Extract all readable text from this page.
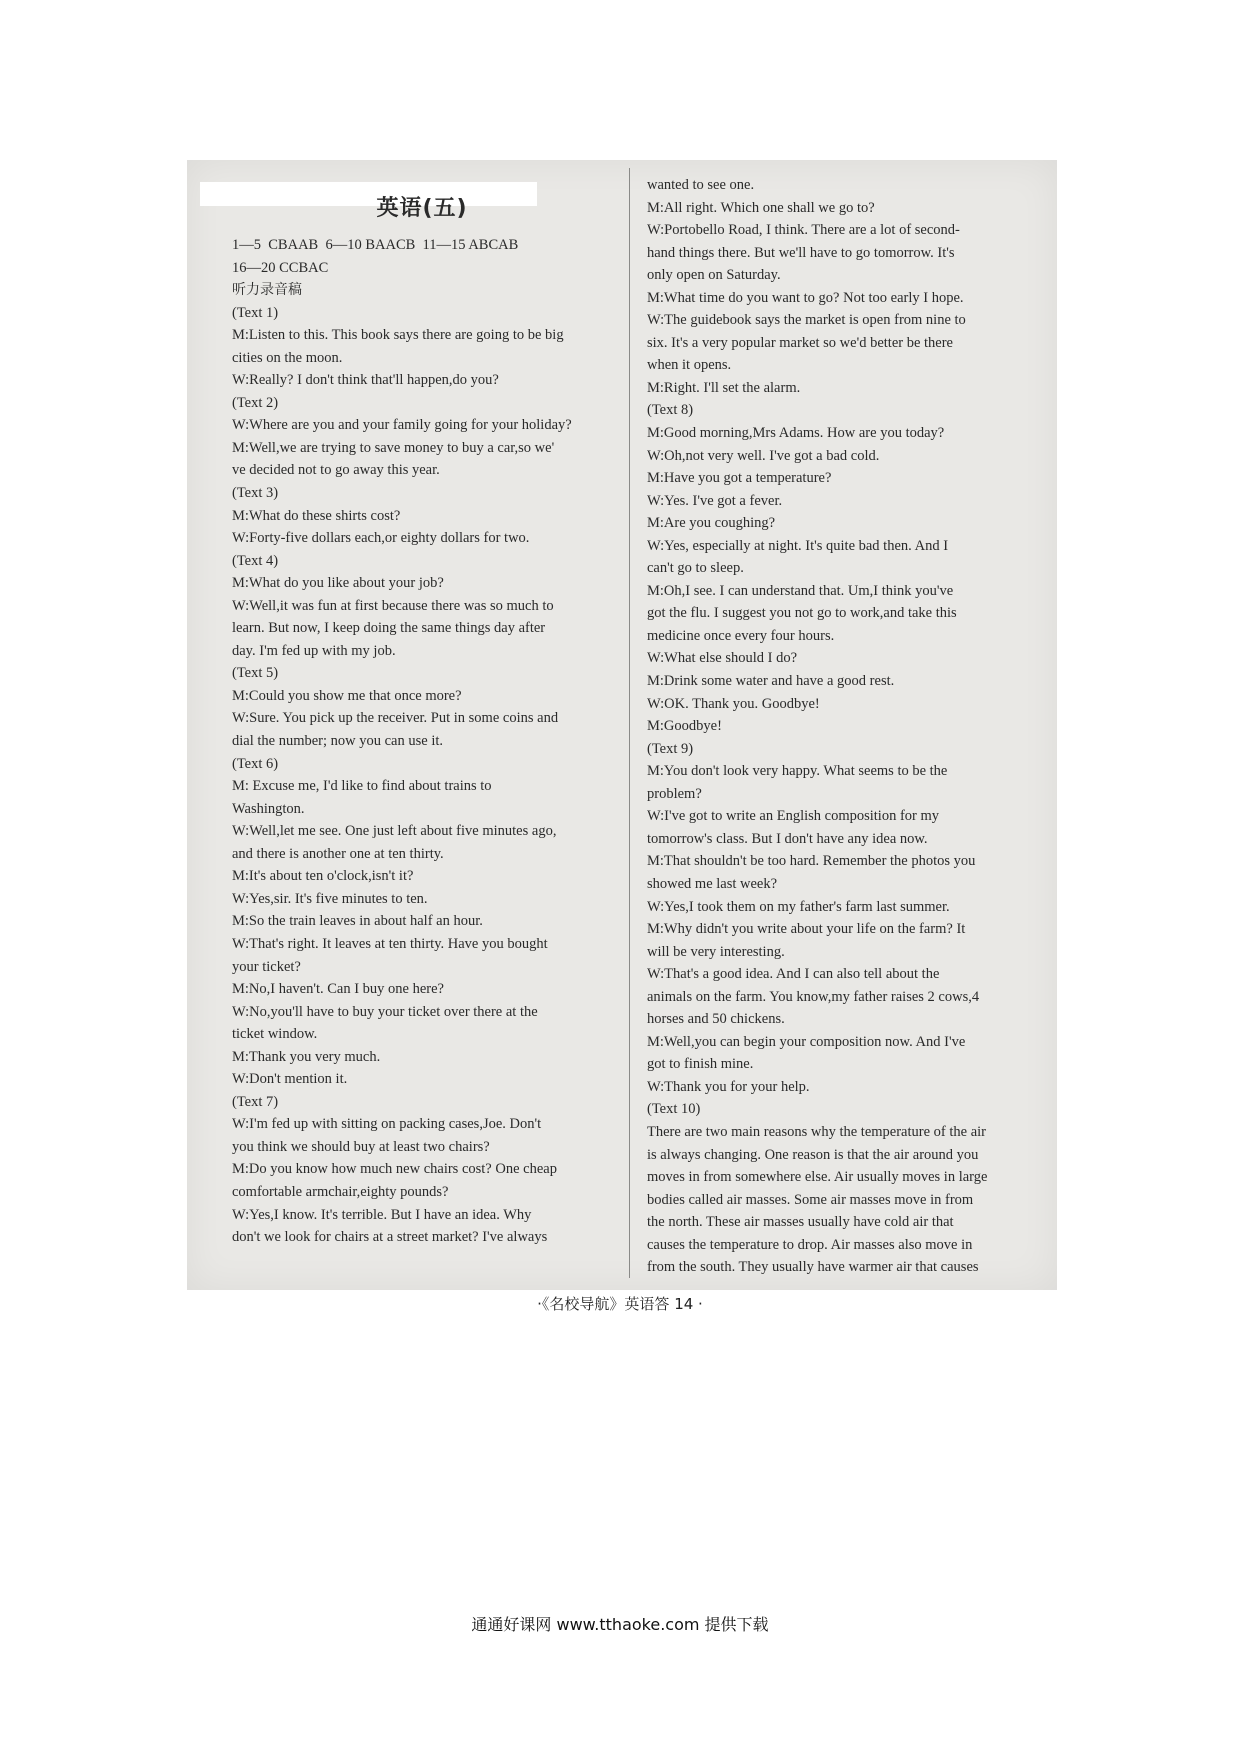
英语(五)
1—5  CBAAB  6—10 BAACB  11—15 ABCAB
16—20 CCBAC
听力录音稿
(Text 1)
M:Listen to this. This book says there are going to be big
cities on the moon.
W:Really? I don't think that'll happen,do you?
(Text 2)
W:Where are you and your family going for your holiday?
M:Well,we are trying to save money to buy a car,so we'
ve decided not to go away this year.
(Text 3)
M:What do these shirts cost?
W:Forty-five dollars each,or eighty dollars for two.
(Text 4)
M:What do you like about your job?
W:Well,it was fun at first because there was so much to
learn. But now, I keep doing the same things day after
day. I'm fed up with my job.
(Text 5)
M:Could you show me that once more?
W:Sure. You pick up the receiver. Put in some coins and
dial the number; now you can use it.
(Text 6)
M: Excuse me, I'd like to find about trains to
Washington.
W:Well,let me see. One just left about five minutes ago,
and there is another one at ten thirty.
M:It's about ten o'clock,isn't it?
W:Yes,sir. It's five minutes to ten.
M:So the train leaves in about half an hour.
W:That's right. It leaves at ten thirty. Have you bought
your ticket?
M:No,I haven't. Can I buy one here?
W:No,you'll have to buy your ticket over there at the
ticket window.
M:Thank you very much.
W:Don't mention it.
(Text 7)
W:I'm fed up with sitting on packing cases,Joe. Don't
you think we should buy at least two chairs?
M:Do you know how much new chairs cost? One cheap
comfortable armchair,eighty pounds?
W:Yes,I know. It's terrible. But I have an idea. Why
don't we look for chairs at a street market? I've always
wanted to see one.
M:All right. Which one shall we go to?
W:Portobello Road, I think. There are a lot of second-
hand things there. But we'll have to go tomorrow. It's
only open on Saturday.
M:What time do you want to go? Not too early I hope.
W:The guidebook says the market is open from nine to
six. It's a very popular market so we'd better be there
when it opens.
M:Right. I'll set the alarm.
(Text 8)
M:Good morning,Mrs Adams. How are you today?
W:Oh,not very well. I've got a bad cold.
M:Have you got a temperature?
W:Yes. I've got a fever.
M:Are you coughing?
W:Yes, especially at night. It's quite bad then. And I
can't go to sleep.
M:Oh,I see. I can understand that. Um,I think you've
got the flu. I suggest you not go to work,and take this
medicine once every four hours.
W:What else should I do?
M:Drink some water and have a good rest.
W:OK. Thank you. Goodbye!
M:Goodbye!
(Text 9)
M:You don't look very happy. What seems to be the
problem?
W:I've got to write an English composition for my
tomorrow's class. But I don't have any idea now.
M:That shouldn't be too hard. Remember the photos you
showed me last week?
W:Yes,I took them on my father's farm last summer.
M:Why didn't you write about your life on the farm? It
will be very interesting.
W:That's a good idea. And I can also tell about the
animals on the farm. You know,my father raises 2 cows,4
horses and 50 chickens.
M:Well,you can begin your composition now. And I've
got to finish mine.
W:Thank you for your help.
(Text 10)
There are two main reasons why the temperature of the air
is always changing. One reason is that the air around you
moves in from somewhere else. Air usually moves in large
bodies called air masses. Some air masses move in from
the north. These air masses usually have cold air that
causes the temperature to drop. Air masses also move in
from the south. They usually have warmer air that causes
·《名校导航》英语答 14 ·
通通好课网 www.tthaoke.com 提供下载
